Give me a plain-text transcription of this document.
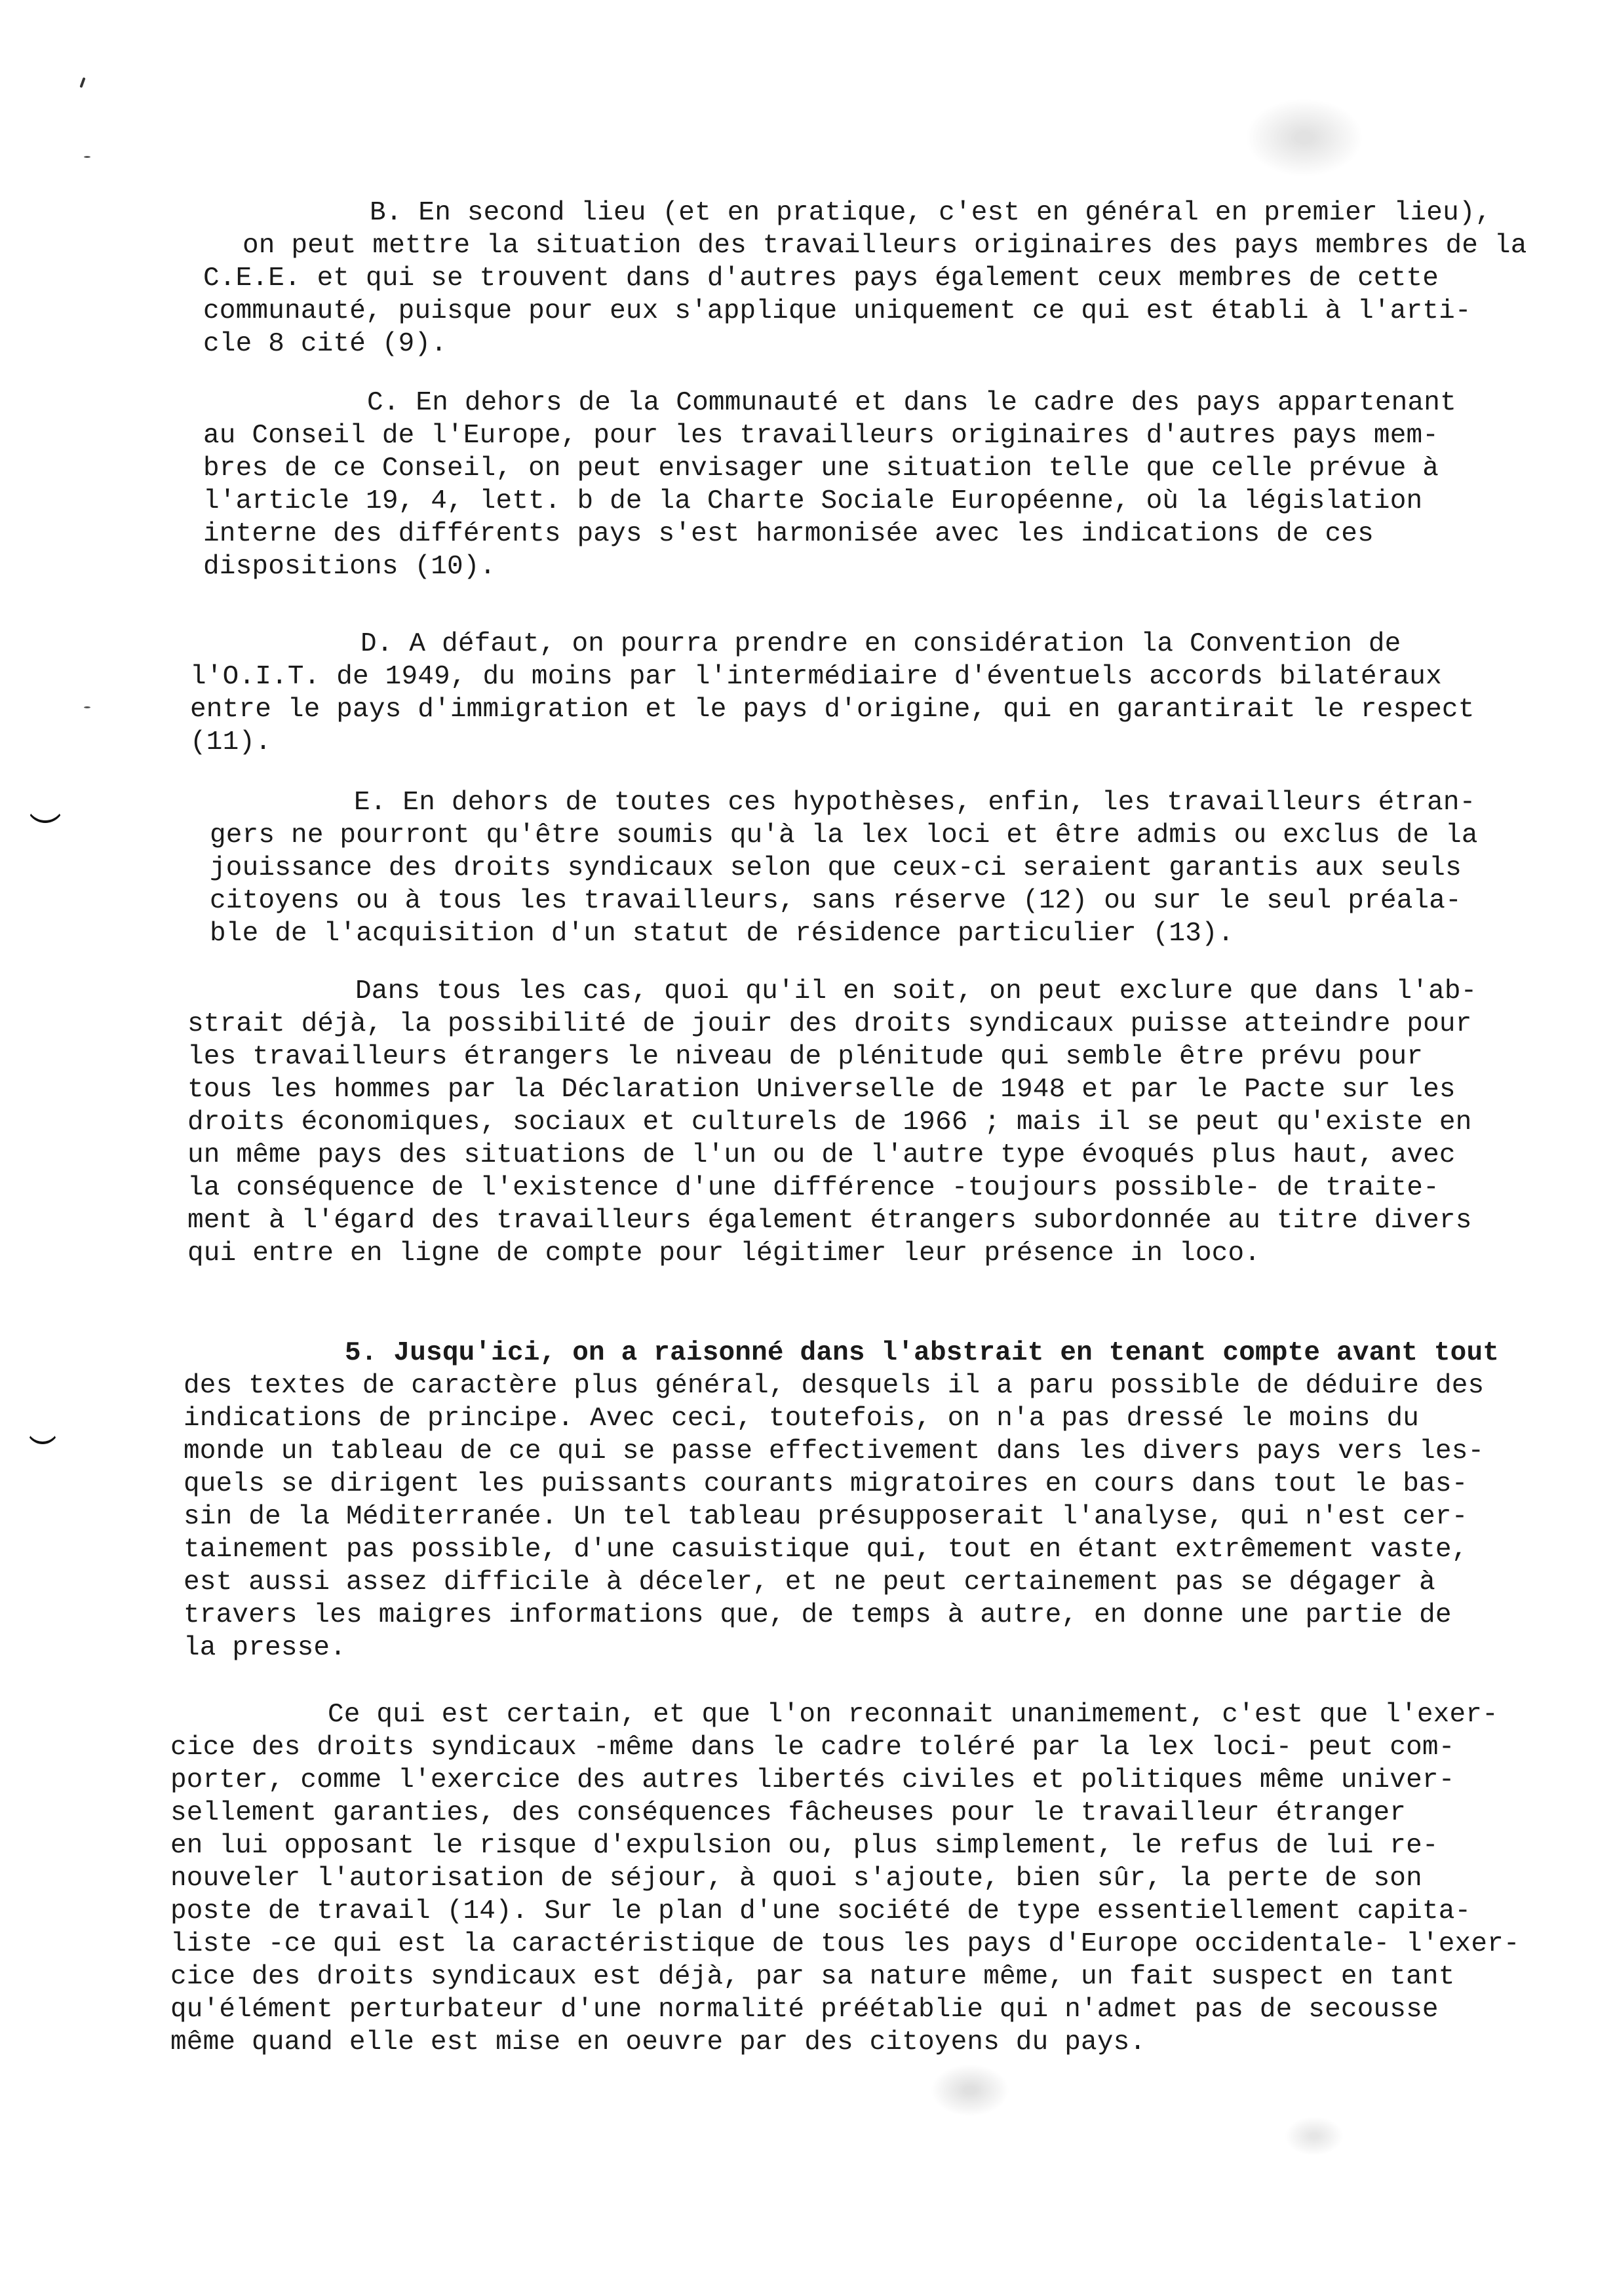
B. En second lieu (et en pratique, c'est en général en premier lieu),
on peut mettre la situation des travailleurs originaires des pays membres de la
C.E.E. et qui se trouvent dans d'autres pays également ceux membres de cette
communauté, puisque pour eux s'applique uniquement ce qui est établi à l'arti-
cle 8 cité (9).
C. En dehors de la Communauté et dans le cadre des pays appartenant
au Conseil de l'Europe, pour les travailleurs originaires d'autres pays mem-
bres de ce Conseil, on peut envisager une situation telle que celle prévue à
l'article 19, 4, lett. b de la Charte Sociale Européenne, où la législation
interne des différents pays s'est harmonisée avec les indications de ces
dispositions (10).
D. A défaut, on pourra prendre en considération la Convention de
l'O.I.T. de 1949, du moins par l'intermédiaire d'éventuels accords bilatéraux
entre le pays d'immigration et le pays d'origine, qui en garantirait le respect
(11).
E. En dehors de toutes ces hypothèses, enfin, les travailleurs étran-
gers ne pourront qu'être soumis qu'à la lex loci et être admis ou exclus de la
jouissance des droits syndicaux selon que ceux-ci seraient garantis aux seuls
citoyens ou à tous les travailleurs, sans réserve (12) ou sur le seul préala-
ble de l'acquisition d'un statut de résidence particulier (13).
Dans tous les cas, quoi qu'il en soit, on peut exclure que dans l'ab-
strait déjà, la possibilité de jouir des droits syndicaux puisse atteindre pour
les travailleurs étrangers le niveau de plénitude qui semble être prévu pour
tous les hommes par la Déclaration Universelle de 1948 et par le Pacte sur les
droits économiques, sociaux et culturels de 1966 ; mais il se peut qu'existe en
un même pays des situations de l'un ou de l'autre type évoqués plus haut, avec
la conséquence de l'existence d'une différence -toujours possible- de traite-
ment à l'égard des travailleurs également étrangers subordonnée au titre divers
qui entre en ligne de compte pour légitimer leur présence in loco.
5. Jusqu'ici, on a raisonné dans l'abstrait en tenant compte avant tout
des textes de caractère plus général, desquels il a paru possible de déduire des
indications de principe. Avec ceci, toutefois, on n'a pas dressé le moins du
monde un tableau de ce qui se passe effectivement dans les divers pays vers les-
quels se dirigent les puissants courants migratoires en cours dans tout le bas-
sin de la Méditerranée. Un tel tableau présupposerait l'analyse, qui n'est cer-
tainement pas possible, d'une casuistique qui, tout en étant extrêmement vaste,
est aussi assez difficile à déceler, et ne peut certainement pas se dégager à
travers les maigres informations que, de temps à autre, en donne une partie de
la presse.
Ce qui est certain, et que l'on reconnait unanimement, c'est que l'exer-
cice des droits syndicaux -même dans le cadre toléré par la lex loci- peut com-
porter, comme l'exercice des autres libertés civiles et politiques même univer-
sellement garanties, des conséquences fâcheuses pour le travailleur étranger
en lui opposant le risque d'expulsion ou, plus simplement, le refus de lui re-
nouveler l'autorisation de séjour, à quoi s'ajoute, bien sûr, la perte de son
poste de travail (14). Sur le plan d'une société de type essentiellement capita-
liste -ce qui est la caractéristique de tous les pays d'Europe occidentale- l'exer-
cice des droits syndicaux est déjà, par sa nature même, un fait suspect en tant
qu'élément perturbateur d'une normalité préétablie qui n'admet pas de secousse
même quand elle est mise en oeuvre par des citoyens du pays.
